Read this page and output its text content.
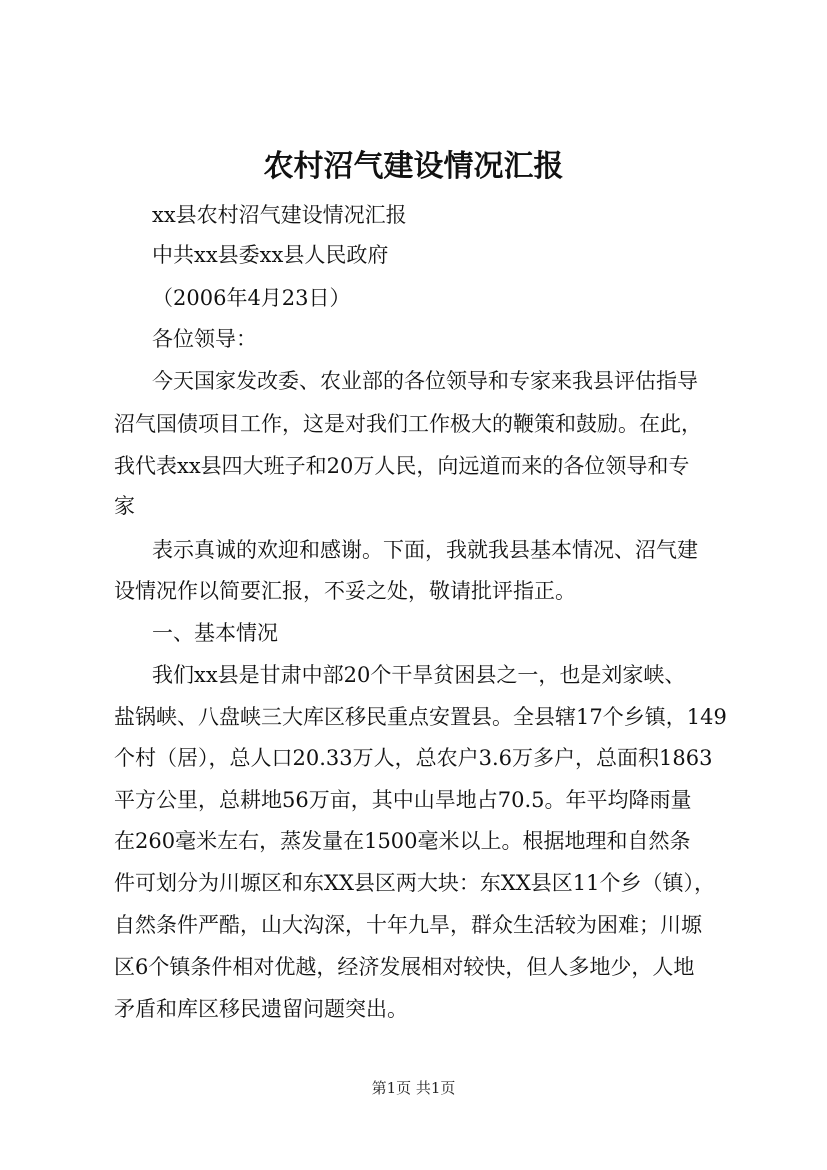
农村沼气建设情况汇报
xx县农村沼气建设情况汇报
中共xx县委xx县人民政府
（2006年4月23日）
各位领导：
今天国家发改委、农业部的各位领导和专家来我县评估指导
沼气国债项目工作，这是对我们工作极大的鞭策和鼓励。在此，
我代表xx县四大班子和20万人民，向远道而来的各位领导和专
家
表示真诚的欢迎和感谢。下面，我就我县基本情况、沼气建
设情况作以简要汇报，不妥之处，敬请批评指正。
一、基本情况
我们xx县是甘肃中部20个干旱贫困县之一，也是刘家峡、
盐锅峡、八盘峡三大库区移民重点安置县。全县辖17个乡镇，149
个村（居），总人口20.33万人，总农户3.6万多户，总面积1863
平方公里，总耕地56万亩，其中山旱地占70.5。年平均降雨量
在260毫米左右，蒸发量在1500毫米以上。根据地理和自然条
件可划分为川塬区和东XX县区两大块：东XX县区11个乡（镇），
自然条件严酷，山大沟深，十年九旱，群众生活较为困难；川塬
区6个镇条件相对优越，经济发展相对较快，但人多地少，人地
矛盾和库区移民遗留问题突出。
第1页 共1页
